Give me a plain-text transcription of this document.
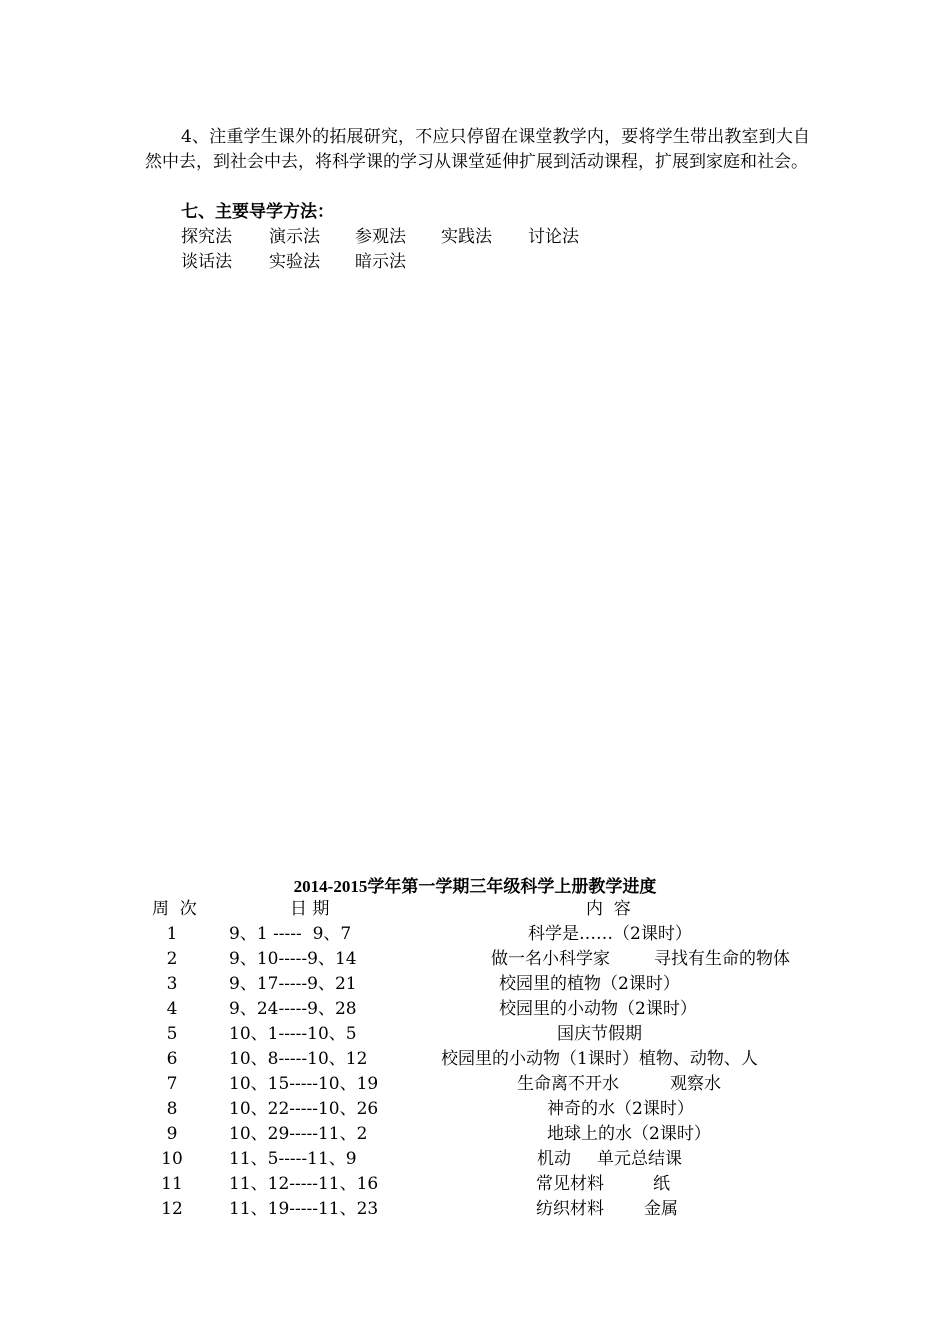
4、注重学生课外的拓展研究，不应只停留在课堂教学内，要将学生带出教室到大自然中去，到社会中去，将科学课的学习从课堂延伸扩展到活动课程，扩展到家庭和社会。
七、主要导学方法：
探究法 演示法 参观法 实践法 讨论法
谈话法 实验法 暗示法
2014-2015学年第一学期三年级科学上册教学进度
周  次	日 期	内  容
1	9、1 -----  9、7	科学是……（2课时）
2	9、10-----9、14	做一名小科学家	寻找有生命的物体
3	9、17-----9、21	校园里的植物（2课时）
4	9、24-----9、28	校园里的小动物（2课时）
5	10、1-----10、5	国庆节假期
6	10、8-----10、12	校园里的小动物（1课时）植物、动物、人
7	10、15-----10、19	生命离不开水	观察水
8	10、22-----10、26	神奇的水（2课时）
9	10、29-----11、2	地球上的水（2课时）
10	11、5-----11、9	机动 单元总结课
11	11、12-----11、16	常见材料	纸
12	11、19-----11、23	纺织材料 金属
